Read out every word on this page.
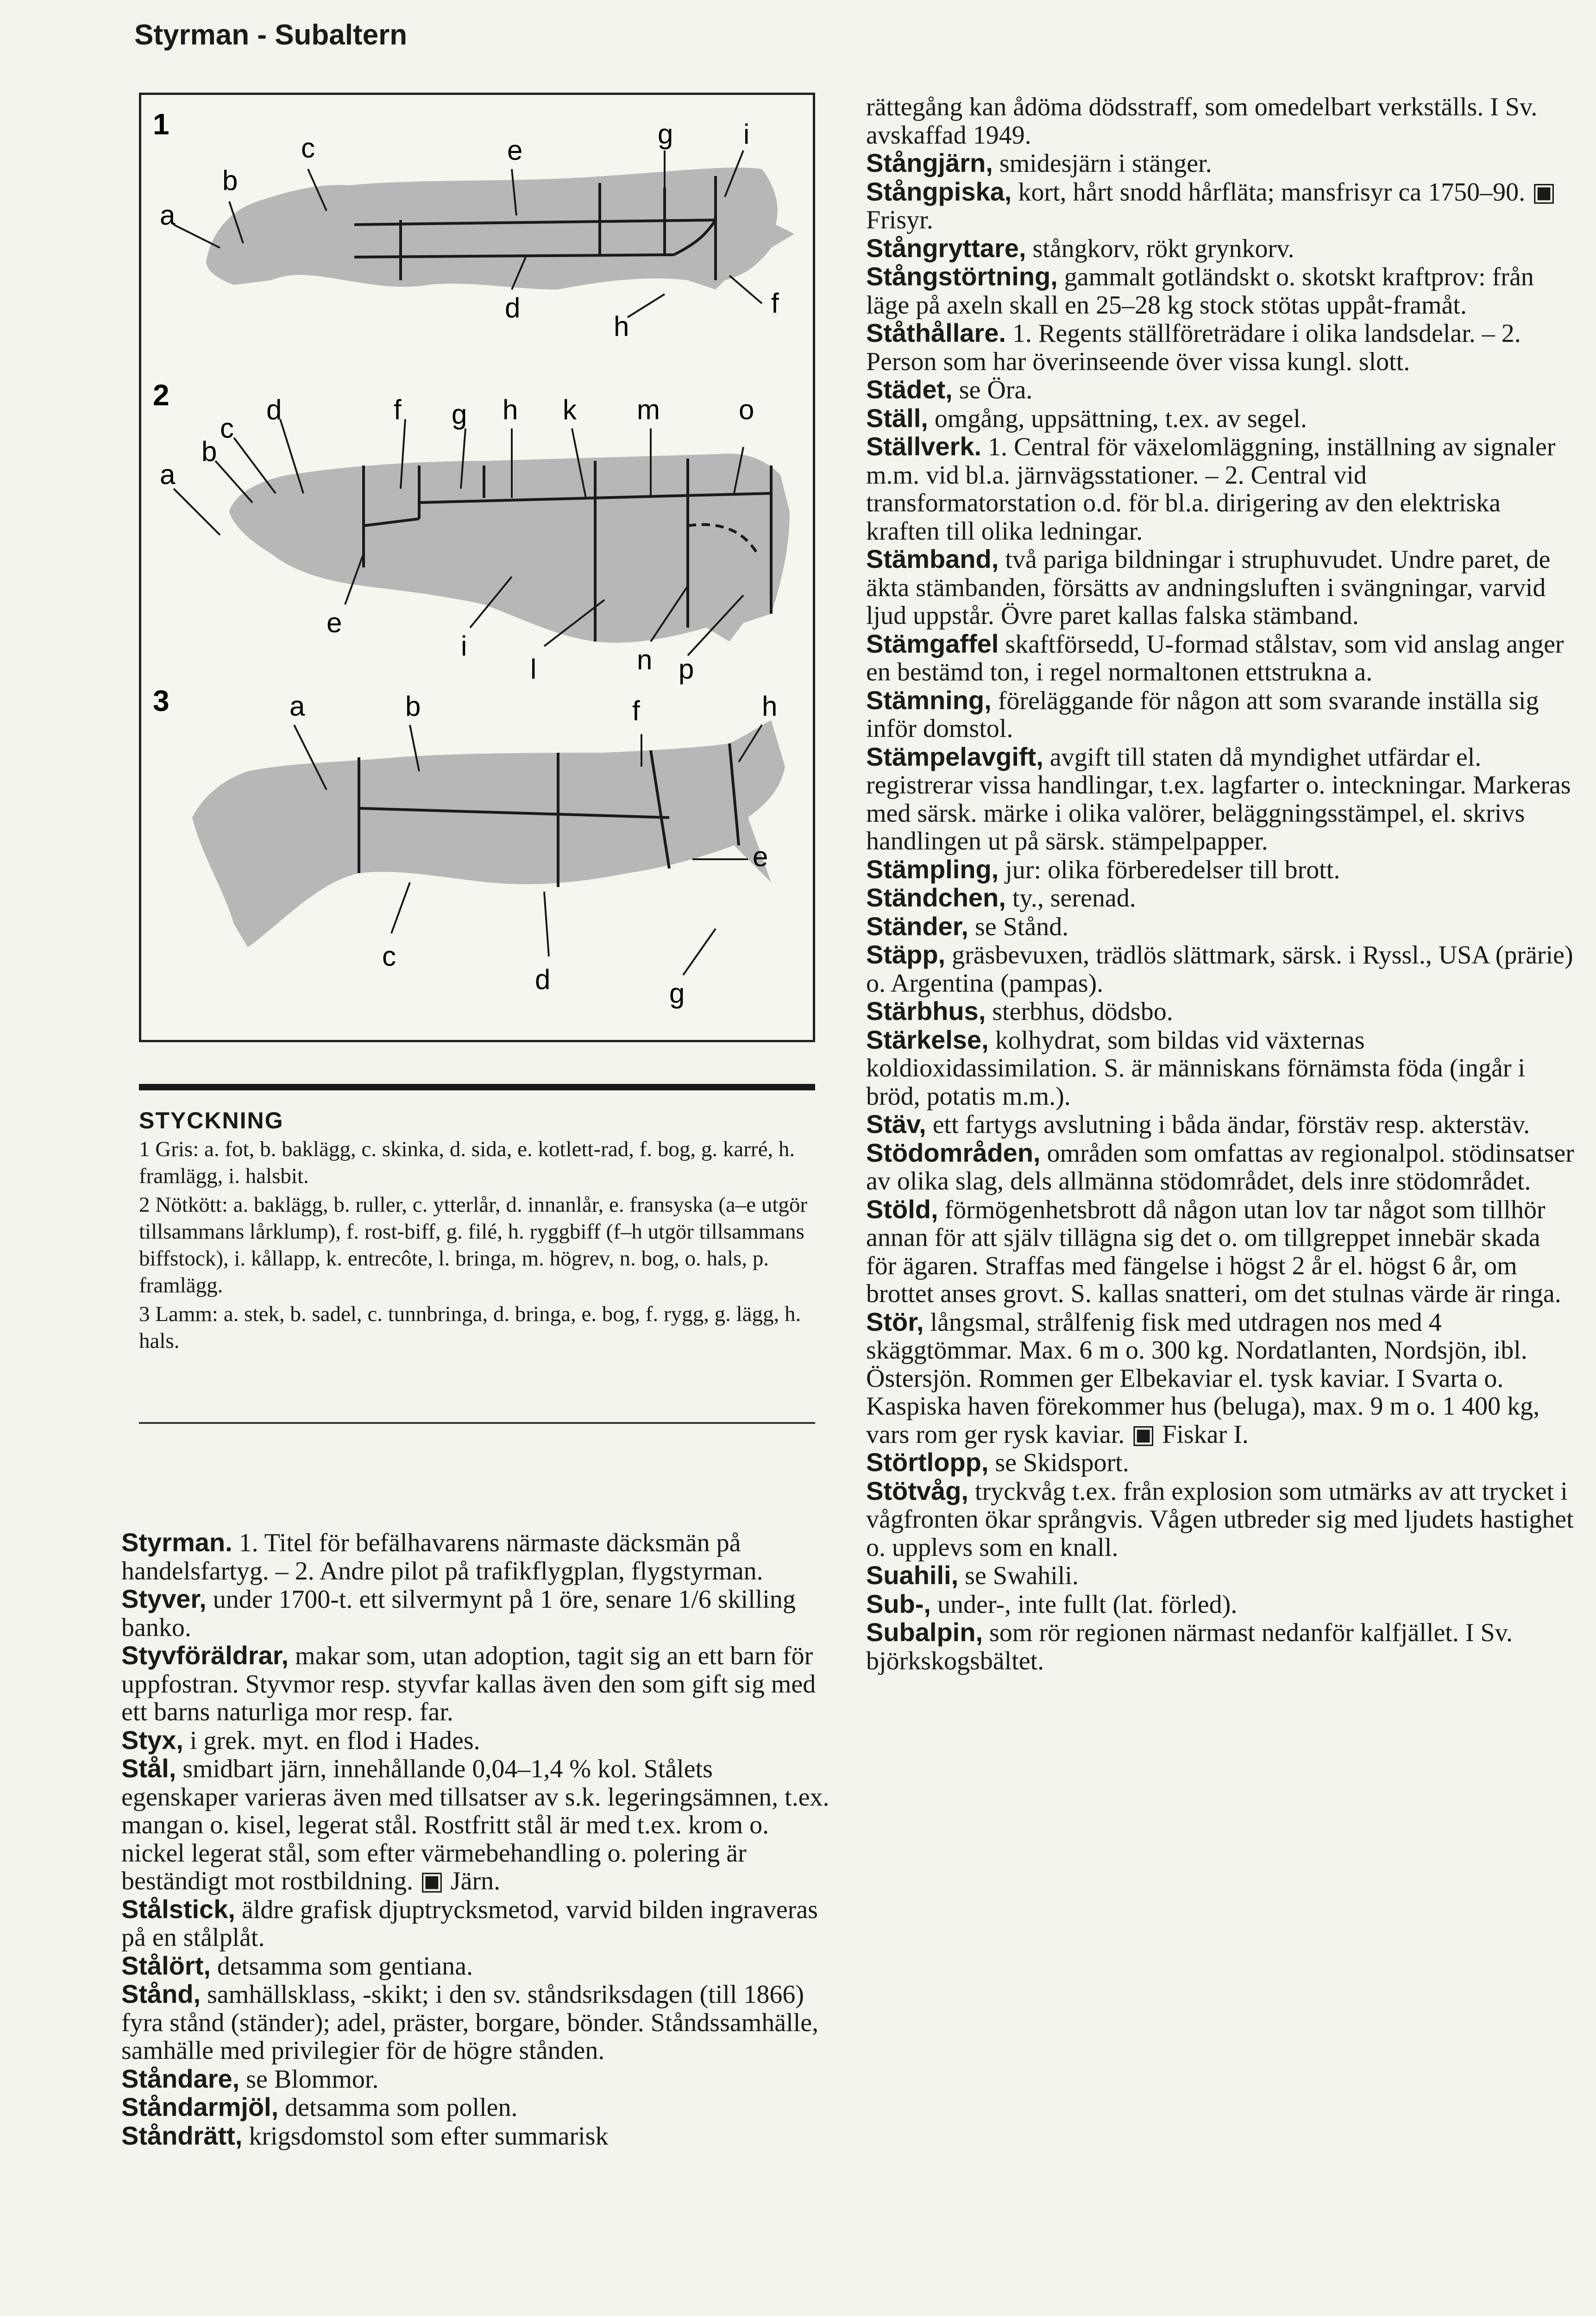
Styrman - Subaltern
1
a
b
c
d
e
f
g
h
i
2
a
b
c
d
e
f g h
i
k
l
m
n
o
p
3	a	b
c
d
e
f
g
h
STYCKNING

1 Gris: a. fot, b. baklägg, c. skinka, d. sida, e. kotlett-rad, f. bog, g. karré, h. framlägg, i. halsbit.

2 Nötkött: a. baklägg, b. ruller, c. ytterlår, d. innanlår, e. fransyska (a–e utgör tillsammans lårklump), f. rost-biff, g. filé, h. ryggbiff (f–h utgör tillsammans biffstock), i. kållapp, k. entrecôte, l. bringa, m. högrev, n. bog, o. hals, p. framlägg.

3 Lamm: a. stek, b. sadel, c. tunnbringa, d. bringa, e. bog, f. rygg, g. lägg, h. hals.

Styrman. 1. Titel för befälhavarens närmaste däcksmän på handelsfartyg. – 2. Andre pilot på trafikflygplan, flygstyrman.

Styver, under 1700-t. ett silvermynt på 1 öre, senare 1/6 skilling banko.

Styvföräldrar, makar som, utan adoption, tagit sig an ett barn för uppfostran. Styvmor resp. styvfar kallas även den som gift sig med ett barns naturliga mor resp. far.

Styx, i grek. myt. en flod i Hades.

Stål, smidbart järn, innehållande 0,04–1,4 % kol. Stålets egenskaper varieras även med tillsatser av s.k. legeringsämnen, t.ex. mangan o. kisel, legerat stål. Rostfritt stål är med t.ex. krom o. nickel legerat stål, som efter värmebehandling o. polering är beständigt mot rostbildning. ▣ Järn.

Stålstick, äldre grafisk djuptrycksmetod, varvid bilden ingraveras på en stålplåt.

Stålört, detsamma som gentiana.

Stånd, samhällsklass, -skikt; i den sv. ståndsriksdagen (till 1866) fyra stånd (ständer); adel, präster, borgare, bönder. Ståndssamhälle, samhälle med privilegier för de högre stånden.

Ståndare, se Blommor.

Ståndarmjöl, detsamma som pollen.

Ståndrätt, krigsdomstol som efter summarisk

rättegång kan ådöma dödsstraff, som omedelbart verkställs. I Sv. avskaffad 1949.

Stångjärn, smidesjärn i stänger.

Stångpiska, kort, hårt snodd hårfläta; mansfrisyr ca 1750–90. ▣ Frisyr.

Stångryttare, stångkorv, rökt grynkorv.

Stångstörtning, gammalt gotländskt o. skotskt kraftprov: från läge på axeln skall en 25–28 kg stock stötas uppåt-framåt.

Ståthållare. 1. Regents ställföreträdare i olika landsdelar. – 2. Person som har överinseende över vissa kungl. slott.

Städet, se Öra.

Ställ, omgång, uppsättning, t.ex. av segel.

Ställverk. 1. Central för växelomläggning, inställning av signaler m.m. vid bl.a. järnvägsstationer. – 2. Central vid transformatorstation o.d. för bl.a. dirigering av den elektriska kraften till olika ledningar.

Stämband, två pariga bildningar i struphuvudet. Undre paret, de äkta stämbanden, försätts av andningsluften i svängningar, varvid ljud uppstår. Övre paret kallas falska stämband.

Stämgaffel skaftförsedd, U-formad stålstav, som vid anslag anger en bestämd ton, i regel normaltonen ettstrukna a.

Stämning, föreläggande för någon att som svarande inställa sig inför domstol.

Stämpelavgift, avgift till staten då myndighet utfärdar el. registrerar vissa handlingar, t.ex. lagfarter o. inteckningar. Markeras med särsk. märke i olika valörer, beläggningsstämpel, el. skrivs handlingen ut på särsk. stämpelpapper.

Stämpling, jur: olika förberedelser till brott.

Ständchen, ty., serenad.

Ständer, se Stånd.

Stäpp, gräsbevuxen, trädlös slättmark, särsk. i Ryssl., USA (prärie) o. Argentina (pampas).

Stärbhus, sterbhus, dödsbo.

Stärkelse, kolhydrat, som bildas vid växternas koldioxidassimilation. S. är människans förnämsta föda (ingår i bröd, potatis m.m.).

Stäv, ett fartygs avslutning i båda ändar, förstäv resp. akterstäv.

Stödområden, områden som omfattas av regionalpol. stödinsatser av olika slag, dels allmänna stödområdet, dels inre stödområdet.

Stöld, förmögenhetsbrott då någon utan lov tar något som tillhör annan för att själv tillägna sig det o. om tillgreppet innebär skada för ägaren. Straffas med fängelse i högst 2 år el. högst 6 år, om brottet anses grovt. S. kallas snatteri, om det stulnas värde är ringa.

Stör, långsmal, strålfenig fisk med utdragen nos med 4 skäggtömmar. Max. 6 m o. 300 kg. Nordatlanten, Nordsjön, ibl. Östersjön. Rommen ger Elbekaviar el. tysk kaviar. I Svarta o. Kaspiska haven förekommer hus (beluga), max. 9 m o. 1 400 kg, vars rom ger rysk kaviar. ▣ Fiskar I.

Störtlopp, se Skidsport.

Stötvåg, tryckvåg t.ex. från explosion som utmärks av att trycket i vågfronten ökar språngvis. Vågen utbreder sig med ljudets hastighet o. upplevs som en knall.

Suahili, se Swahili.

Sub-, under-, inte fullt (lat. förled).

Subalpin, som rör regionen närmast nedanför kalfjället. I Sv. björkskogsbältet.
